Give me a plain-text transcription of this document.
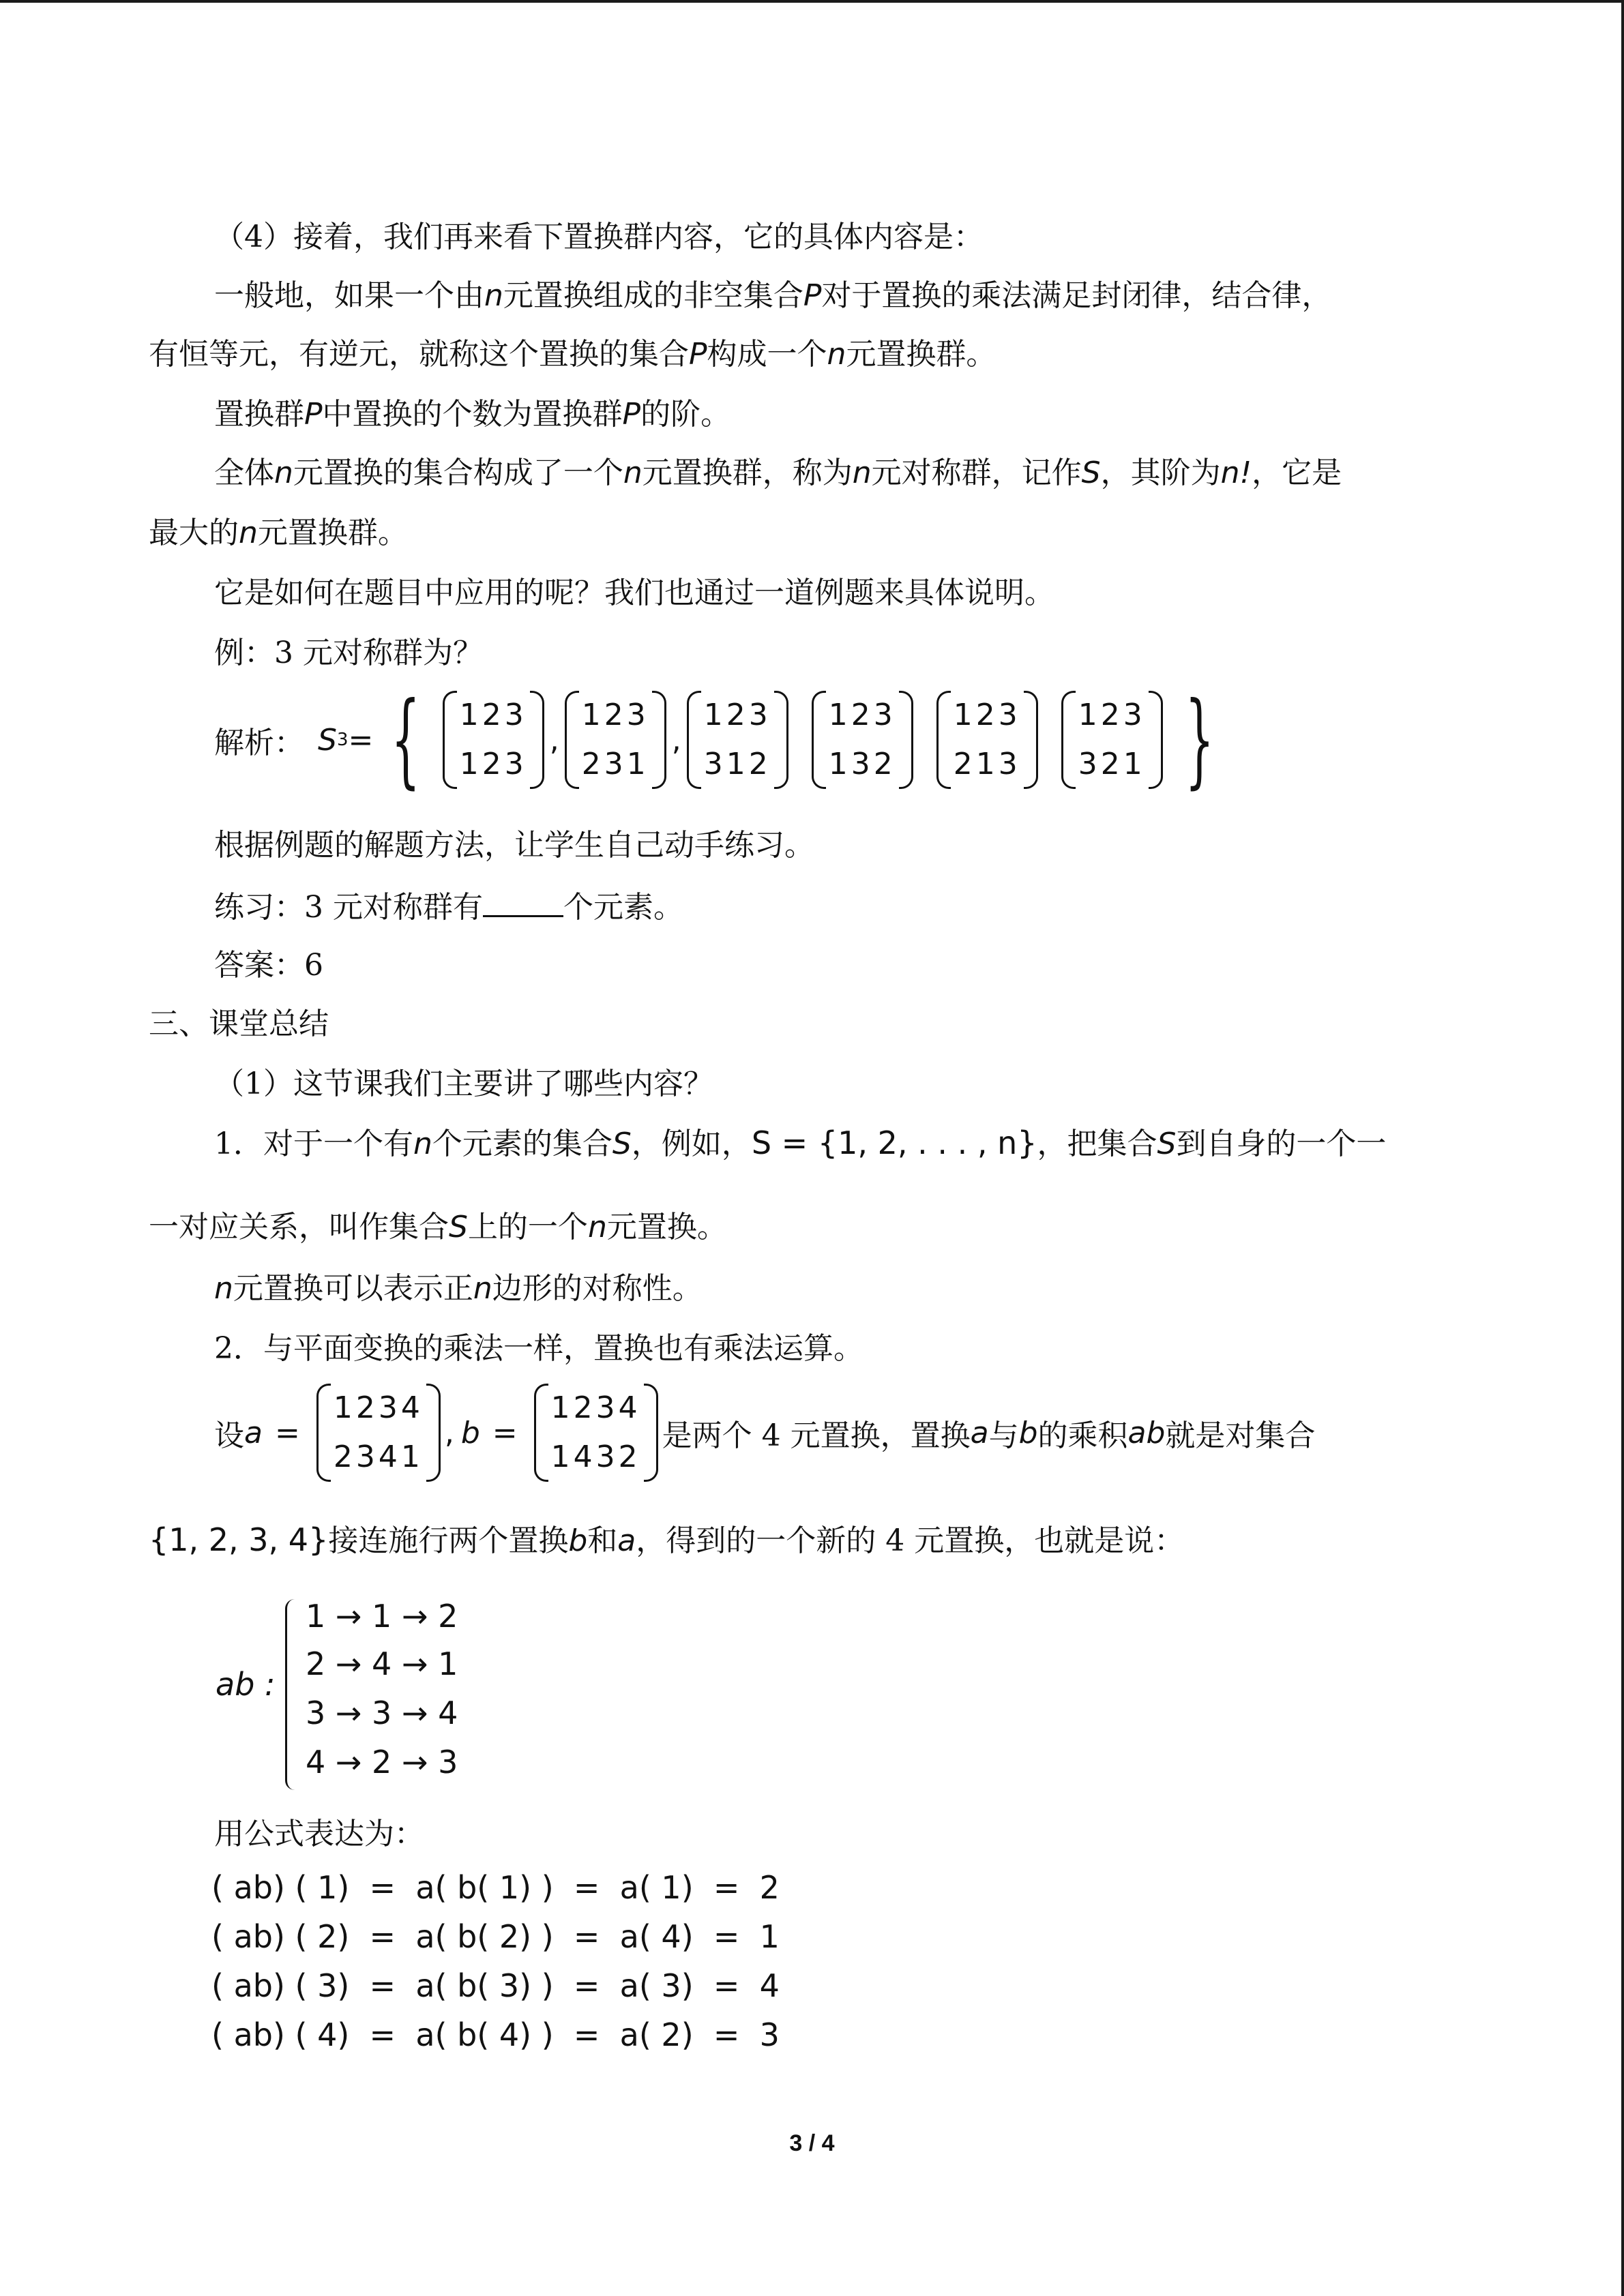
（4）接着，我们再来看下置换群内容，它的具体内容是：
一般地，如果一个由n元置换组成的非空集合P对于置换的乘法满足封闭律，结合律，
有恒等元，有逆元，就称这个置换的集合P构成一个n元置换群。
置换群P中置换的个数为置换群P的阶。
全体n元置换的集合构成了一个n元置换群，称为n元对称群，记作S，其阶为n!，它是
最大的n元置换群。
它是如何在题目中应用的呢？我们也通过一道例题来具体说明。
例：3 元对称群为？
解析： S 3 = { 123
123
,
123
231
,
123
312
123
132
123
213
123
321 }
根据例题的解题方法，让学生自己动手练习。
练习：3 元对称群有	个元素。
答案：6
三、课堂总结
（1）这节课我们主要讲了哪些内容？
1．对于一个有n个元素的集合S，例如，S = {1, 2, . . . , n}，把集合S到自身的一个一
一对应关系，叫作集合S上的一个n元置换。
n元置换可以表示正n边形的对称性。
2．与平面变换的乘法一样，置换也有乘法运算。
设 a =
1234
2341
, b =
1234
1432
是两个 4 元置换，置换 a 与 b 的乘积 ab 就是对集合
{1, 2, 3, 4}接连施行两个置换b和a，得到的一个新的 4 元置换，也就是说：
ab :
1 → 1 → 2
2 → 4 → 1
3 → 3 → 4
4 → 2 → 3
用公式表达为：
( ab) ( 1)  =  a( b( 1) )  =  a( 1)  =  2
( ab) ( 2)  =  a( b( 2) )  =  a( 4)  =  1
( ab) ( 3)  =  a( b( 3) )  =  a( 3)  =  4
( ab) ( 4)  =  a( b( 4) )  =  a( 2)  =  3
3 / 4
